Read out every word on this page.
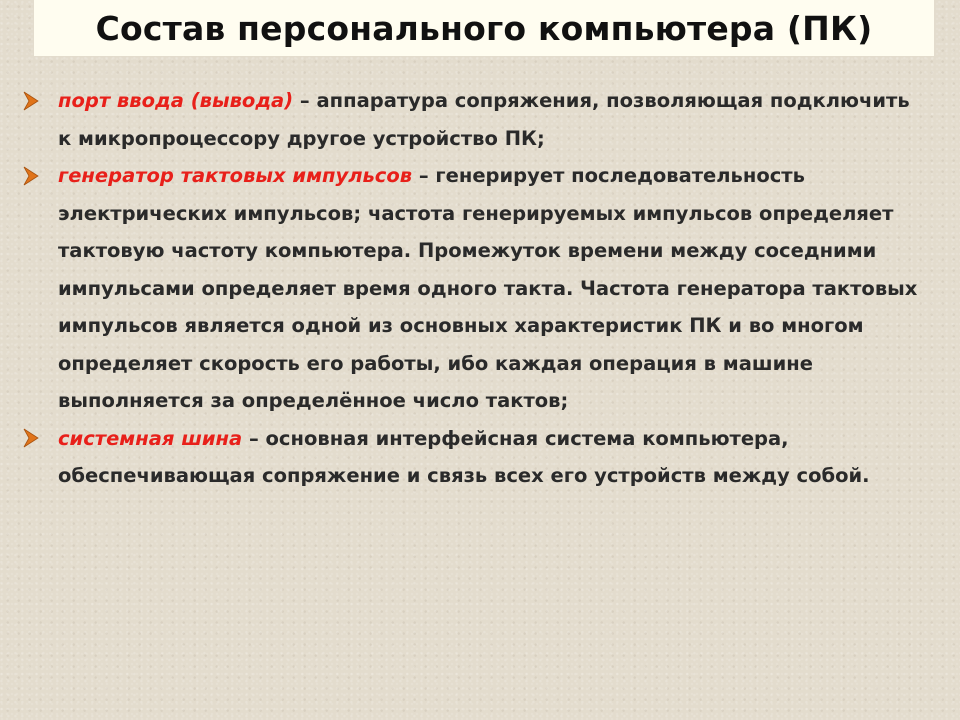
Состав персонального компьютера (ПК)
порт ввода (вывода) – аппаратура сопряжения, позволяющая подключить к микропроцессору другое устройство ПК;
генератор тактовых импульсов – генерирует последовательность электрических импульсов; частота генерируемых импульсов определяет тактовую частоту компьютера. Промежуток времени между соседними импульсами определяет время одного такта. Частота генератора тактовых импульсов является одной из основных характеристик ПК и во многом определяет скорость его работы, ибо каждая операция в машине выполняется за определённое число тактов;
системная шина – основная интерфейсная система компьютера, обеспечивающая сопряжение и связь всех его устройств между собой.
